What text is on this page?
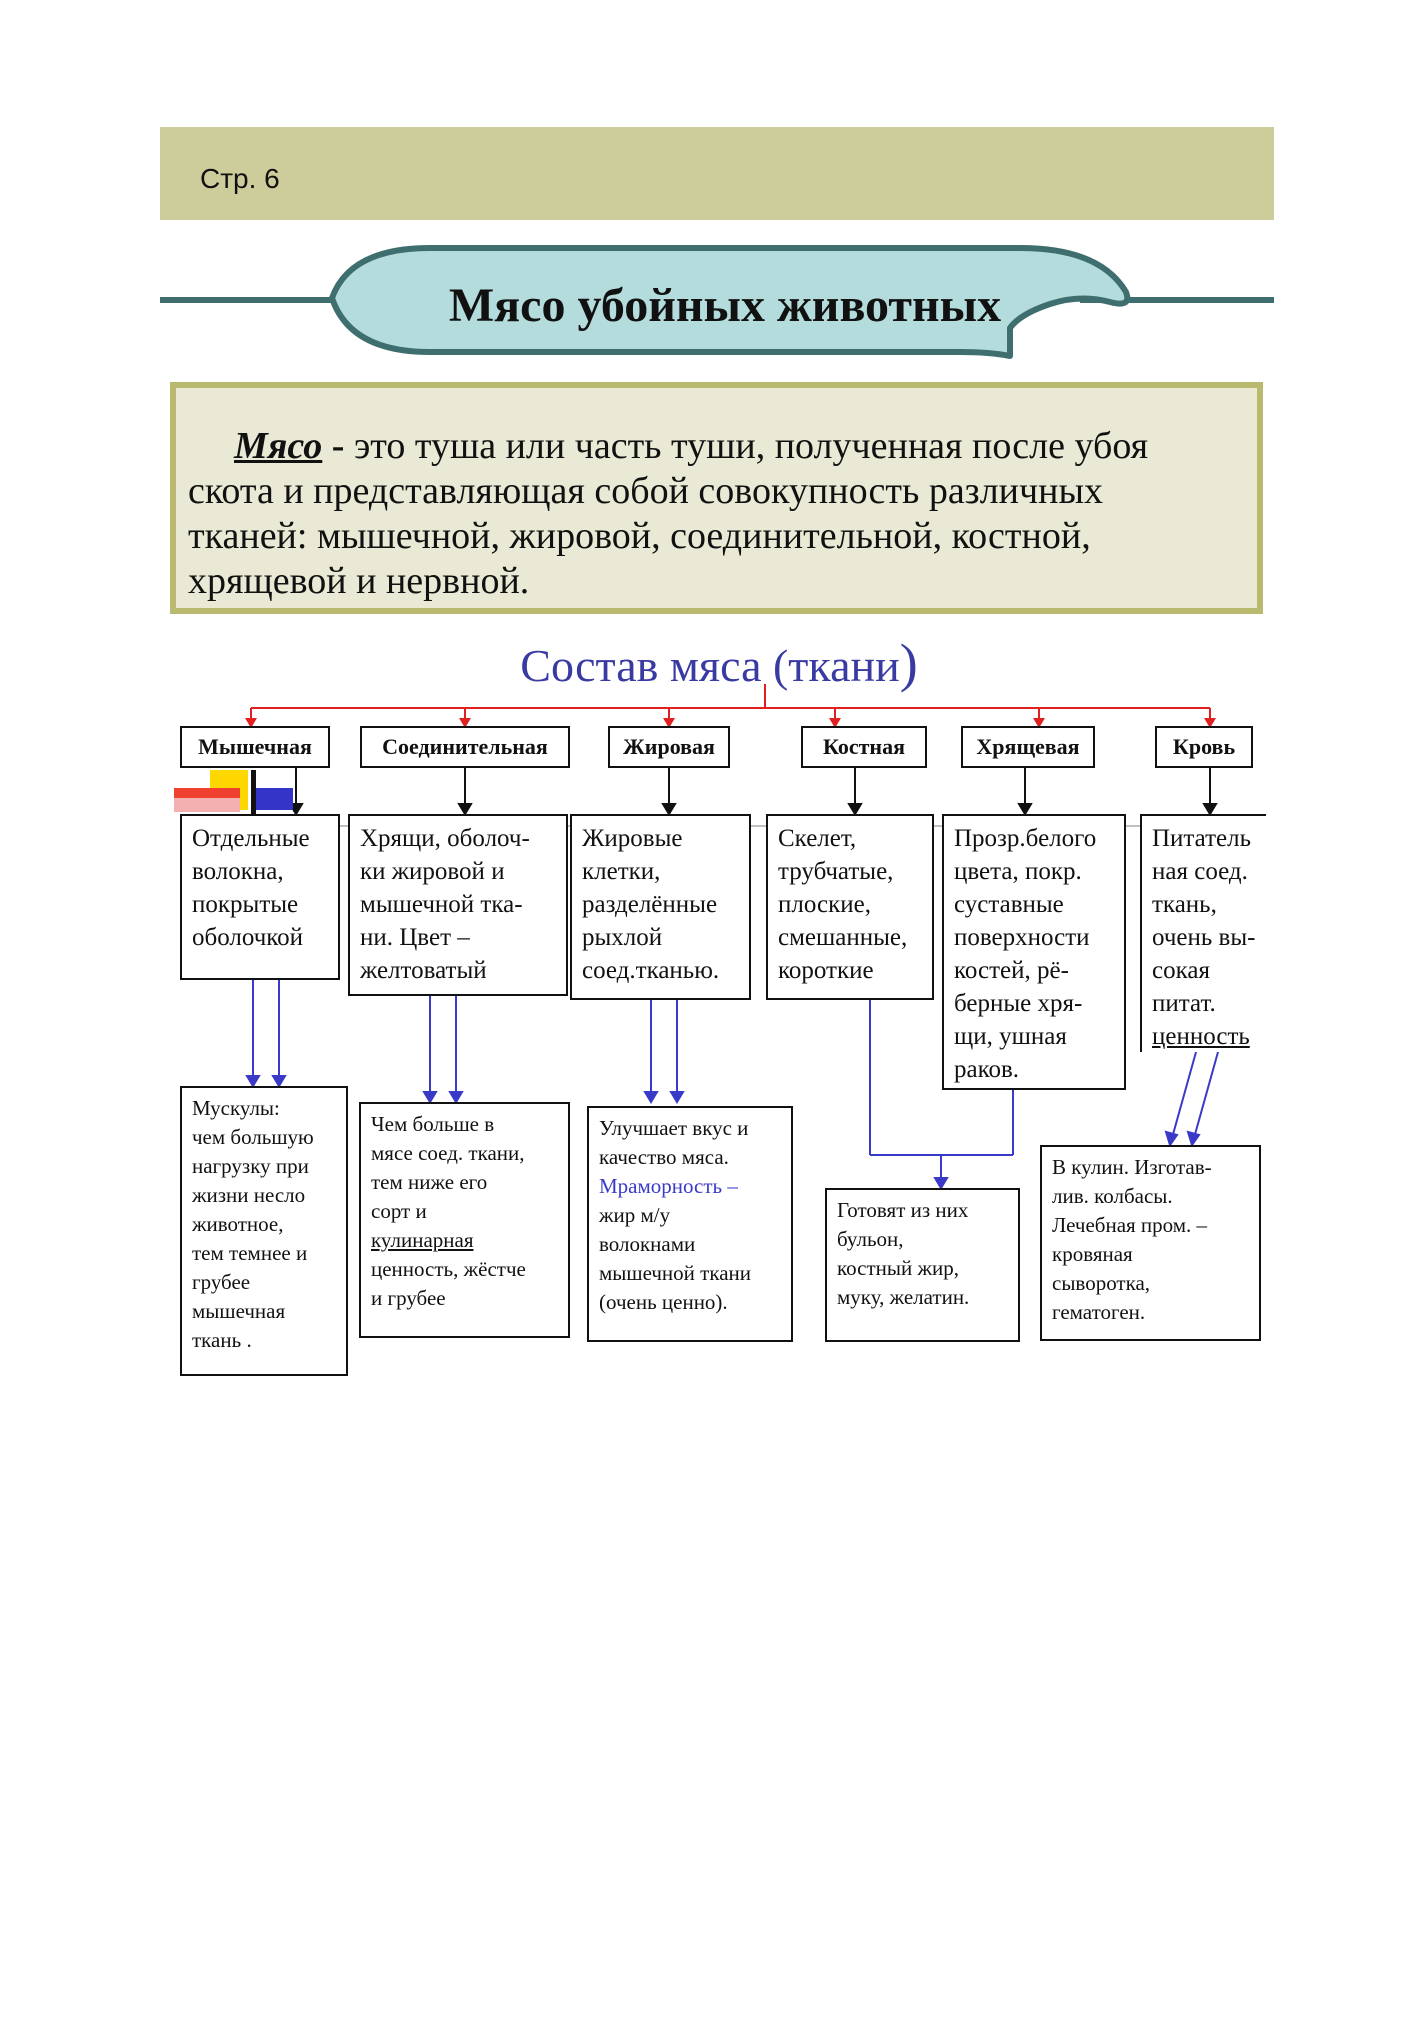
Стр. 6
Мясо убойных животных
Мясо - это туша или часть туши, полученная после убоя
скота и представляющая собой совокупность различных
тканей: мышечной, жировой, соединительной, костной,
хрящевой и нервной.
Состав мяса (ткани)
Мышечная	Соединительная	Жировая	Костная	Хрящевая	Кровь
Отдельные
волокна,
покрытые
оболочкой
Хрящи, оболоч-
ки жировой и
мышечной тка-
ни. Цвет –
желтоватый
Жировые
клетки,
разделённые
рыхлой
соед.тканью.
Скелет,
трубчатые,
плоские,
смешанные,
короткие
Прозр.белого
цвета, покр.
суставные
поверхности
костей, рё-
берные хря-
щи, ушная
раков.
Питатель
ная соед.
ткань,
очень вы-
сокая
питат.
ценность
Мускулы:
чем большую
нагрузку при
жизни несло
животное,
тем темнее и
грубее
мышечная
ткань .
Чем больше в
мясе соед. ткани,
тем ниже его
сорт и
кулинарная
ценность, жёстче
и грубее
Улучшает вкус и
качество мяса.
Мраморность –
жир м/у
волокнами
мышечной ткани
(очень ценно).
Готовят из них
бульон,
костный жир,
муку, желатин.
В кулин. Изготав-
лив. колбасы.
Лечебная пром. –
кровяная
сыворотка,
гематоген.
